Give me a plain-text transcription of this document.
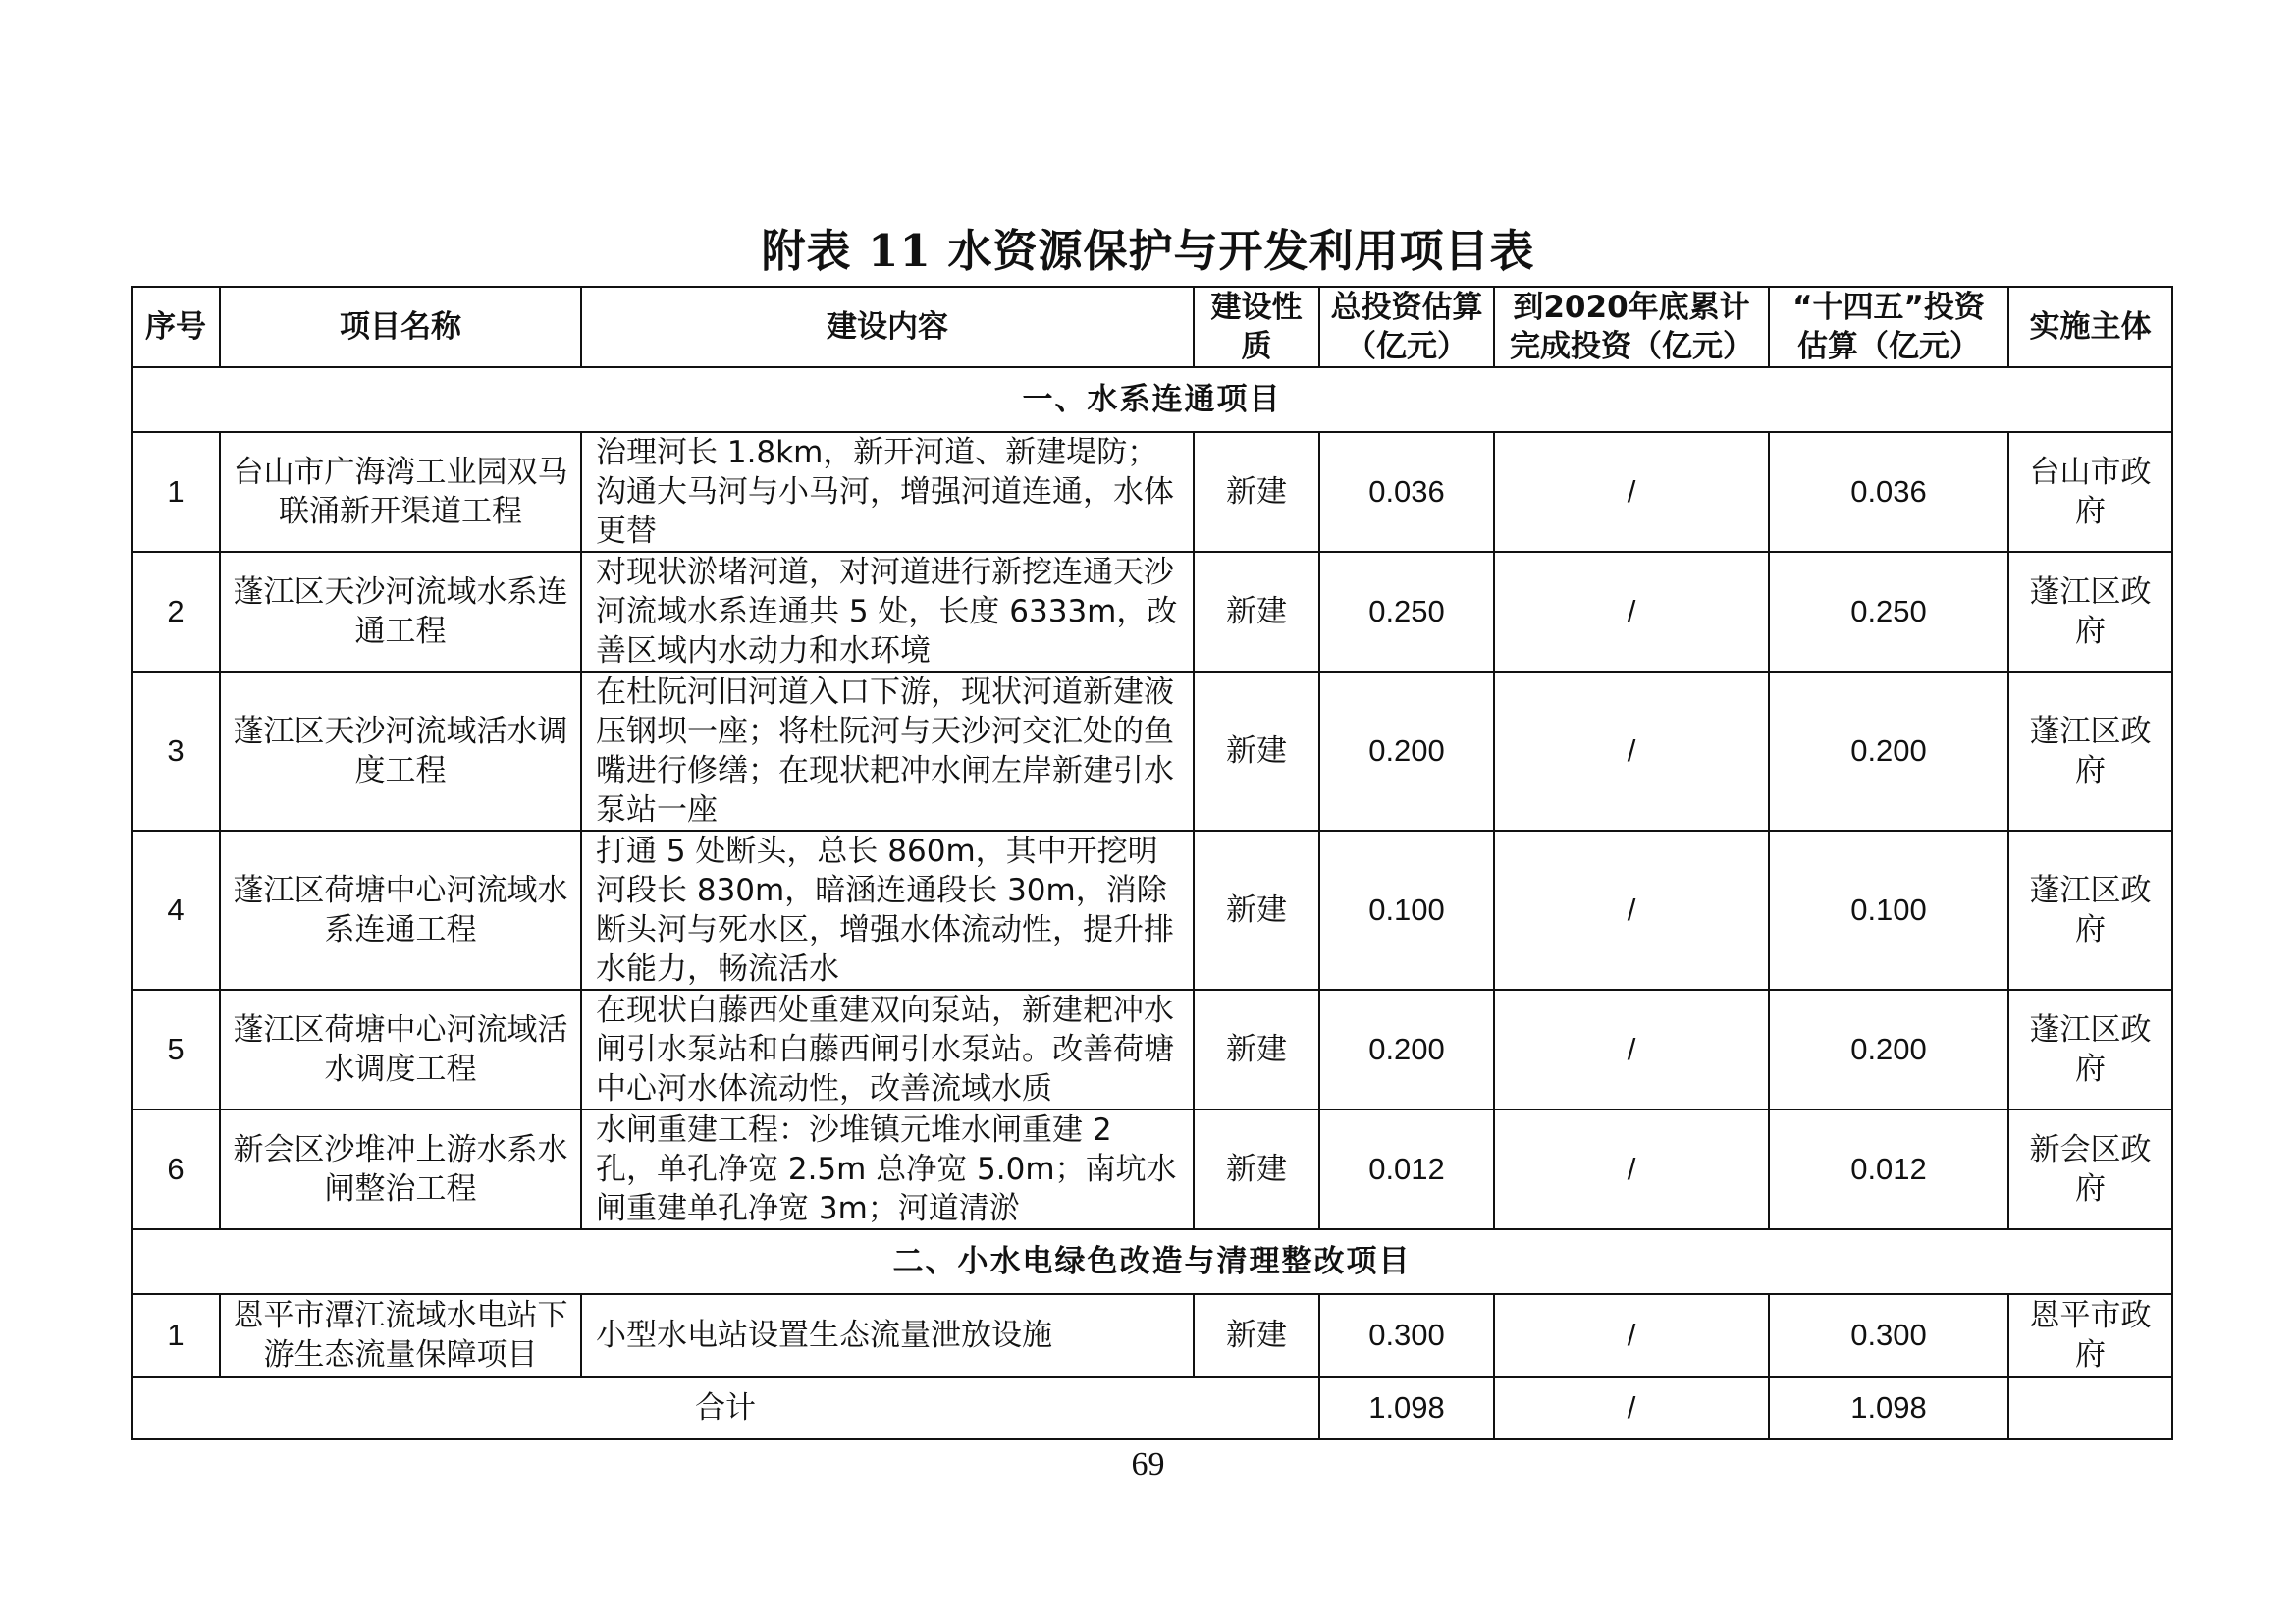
附表 11 水资源保护与开发利用项目表
序号	项目名称	建设内容	建设性质	总投资估算（亿元）	到2020年底累计完成投资（亿元）	“十四五”投资估算（亿元）	实施主体
一、水系连通项目							
1	台山市广海湾工业园双马联涌新开渠道工程	治理河长 1.8km，新开河道、新建堤防；沟通大马河与小马河，增强河道连通，水体更替	新建	0.036	/	0.036	台山市政府
2	蓬江区天沙河流域水系连通工程	对现状淤堵河道，对河道进行新挖连通天沙河流域水系连通共 5 处，长度 6333m，改善区域内水动力和水环境	新建	0.250	/	0.250	蓬江区政府
3	蓬江区天沙河流域活水调度工程	在杜阮河旧河道入口下游，现状河道新建液压钢坝一座；将杜阮河与天沙河交汇处的鱼嘴进行修缮；在现状耙冲水闸左岸新建引水泵站一座	新建	0.200	/	0.200	蓬江区政府
4	蓬江区荷塘中心河流域水系连通工程	打通 5 处断头，总长 860m，其中开挖明河段长 830m，暗涵连通段长 30m，消除断头河与死水区，增强水体流动性，提升排水能力，畅流活水	新建	0.100	/	0.100	蓬江区政府
5	蓬江区荷塘中心河流域活水调度工程	在现状白藤西处重建双向泵站，新建耙冲水闸引水泵站和白藤西闸引水泵站。改善荷塘中心河水体流动性，改善流域水质	新建	0.200	/	0.200	蓬江区政府
6	新会区沙堆冲上游水系水闸整治工程	水闸重建工程：沙堆镇元堆水闸重建 2 孔，单孔净宽 2.5m 总净宽 5.0m；南坑水闸重建单孔净宽 3m；河道清淤	新建	0.012	/	0.012	新会区政府
二、小水电绿色改造与清理整改项目							
1	恩平市潭江流域水电站下游生态流量保障项目	小型水电站设置生态流量泄放设施	新建	0.300	/	0.300	恩平市政府
合计				1.098	/	1.098	
69
